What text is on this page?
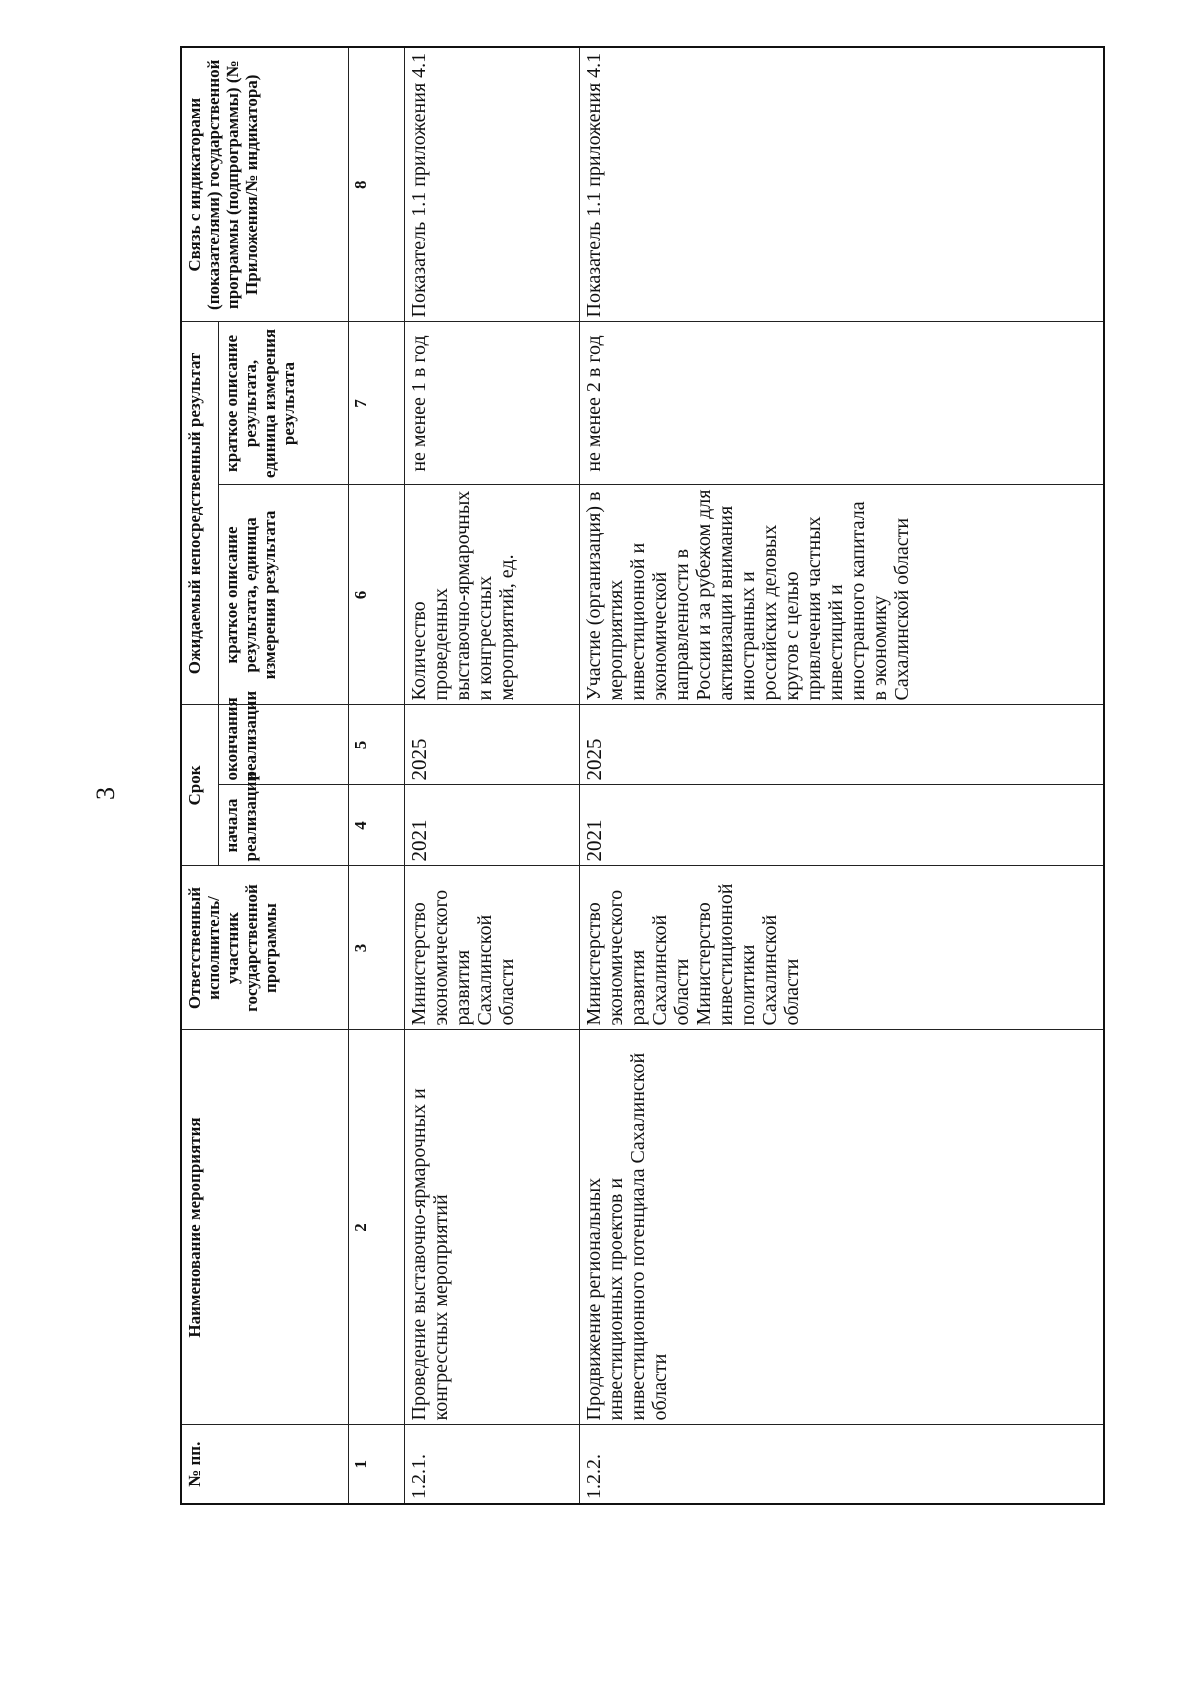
3
№ пп.	Наименование мероприятия	Ответственный исполнитель/участник государственной программы	Срок		Ожидаемый непосредственный результат		Связь с индикаторами (показателями) государственной программы (подпрограммы) (№ Приложения/№ индикатора)
			начала реализации	окончания реализации	краткое описание результата, единица измерения результата	краткое описание результата, единица измерения результата	
1	2	3	4	5	6	7	8
1.2.1.	Проведение выставочно-ярмарочных и конгрессных мероприятий	Министерство экономического развития Сахалинской области	2021	2025	Количество проведенных выставочно-ярмарочных и конгрессных мероприятий, ед.	не менее 1 в год	Показатель 1.1 приложения 4.1
1.2.2.	Продвижение региональных инвестиционных проектов и инвестиционного потенциала Сахалинской области	Министерство экономического развития Сахалинской области Министерство инвестиционной политики Сахалинской области	2021	2025	Участие (организация) в мероприятиях инвестиционной и экономической направленности в России и за рубежом для активизации внимания иностранных и российских деловых кругов с целью привлечения частных инвестиций и иностранного капитала в экономику Сахалинской области	не менее 2 в год	Показатель 1.1 приложения 4.1
